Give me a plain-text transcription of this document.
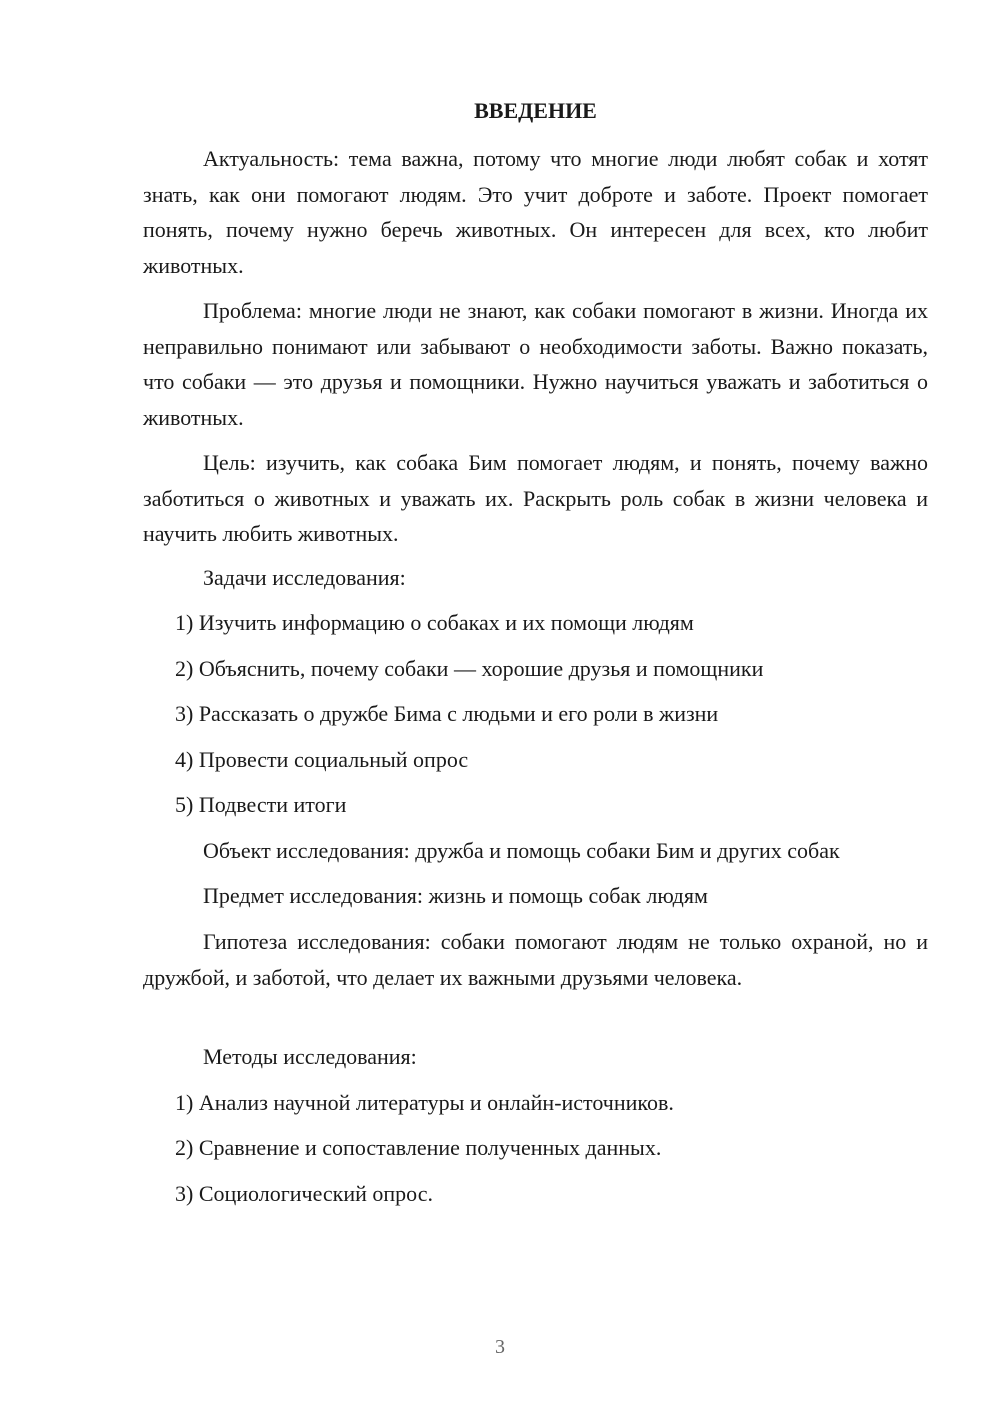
ВВЕДЕНИЕ
Актуальность: тема важна, потому что многие люди любят собак и хотят знать, как они помогают людям. Это учит доброте и заботе. Проект помогает понять, почему нужно беречь животных. Он интересен для всех, кто любит животных.
Проблема: многие люди не знают, как собаки помогают в жизни. Иногда их неправильно понимают или забывают о необходимости заботы. Важно показать, что собаки — это друзья и помощники. Нужно научиться уважать и заботиться о животных.
Цель: изучить, как собака Бим помогает людям, и понять, почему важно заботиться о животных и уважать их. Раскрыть роль собак в жизни человека и научить любить животных.
Задачи исследования:
1) Изучить информацию о собаках и их помощи людям
2) Объяснить, почему собаки — хорошие друзья и помощники
3) Рассказать о дружбе Бима с людьми и его роли в жизни
4) Провести социальный опрос
5) Подвести итоги
Объект исследования: дружба и помощь собаки Бим и других собак
Предмет исследования: жизнь и помощь собак людям
Гипотеза исследования: собаки помогают людям не только охраной, но и дружбой, и заботой, что делает их важными друзьями человека.
Методы исследования:
1) Анализ научной литературы и онлайн-источников.
2) Сравнение и сопоставление полученных данных.
3) Социологический опрос.
3
